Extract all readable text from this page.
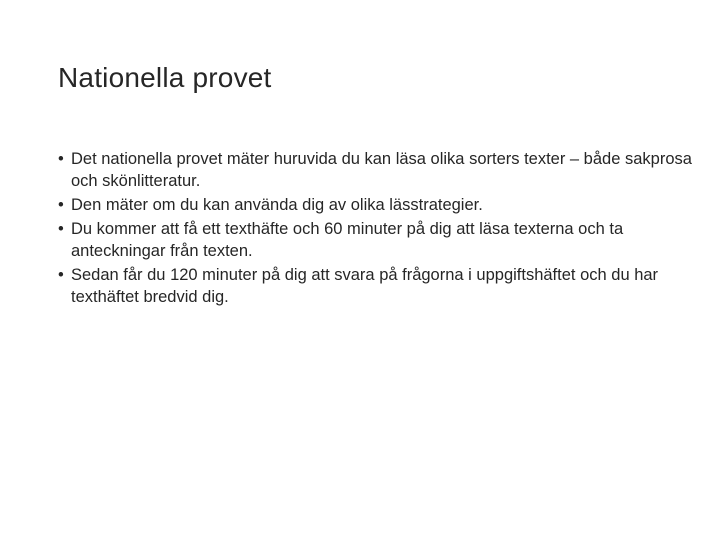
Nationella provet
• Det nationella provet mäter huruvida du kan läsa olika sorters texter – både sakprosa och skönlitteratur.
• Den mäter om du kan använda dig av olika lässtrategier.
• Du kommer att få ett texthäfte och 60 minuter på dig att läsa texterna och ta anteckningar från texten.
• Sedan får du 120 minuter på dig att svara på frågorna i uppgiftshäftet och du har texthäftet bredvid dig.
